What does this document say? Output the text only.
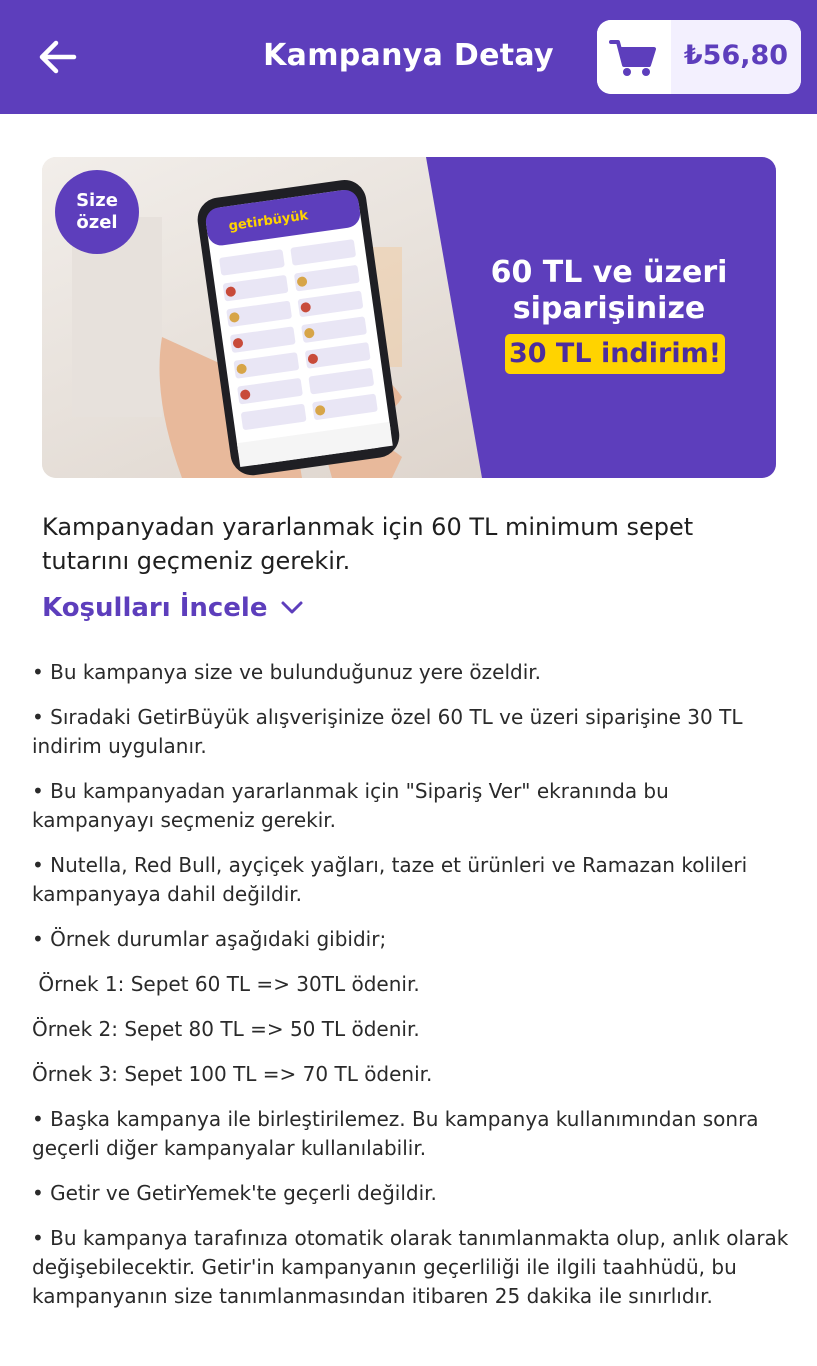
Kampanya Detay	₺56,80
getirbüyük
Size
özel
60 TL ve üzeri
siparişinize
30 TL indirim!
Kampanyadan yararlanmak için 60 TL minimum sepet tutarını geçmeniz gerekir.
Koşulları İncele

• Bu kampanya size ve bulunduğunuz yere özeldir.

• Sıradaki GetirBüyük alışverişinize özel 60 TL ve üzeri siparişine 30 TL indirim uygulanır.

• Bu kampanyadan yararlanmak için "Sipariş Ver" ekranında bu kampanyayı seçmeniz gerekir.

• Nutella, Red Bull, ayçiçek yağları, taze et ürünleri ve Ramazan kolileri kampanyaya dahil değildir.

• Örnek durumlar aşağıdaki gibidir;

Örnek 1: Sepet 60 TL => 30TL ödenir.

Örnek 2: Sepet 80 TL => 50 TL ödenir.

Örnek 3: Sepet 100 TL => 70 TL ödenir.

• Başka kampanya ile birleştirilemez. Bu kampanya kullanımından sonra geçerli diğer kampanyalar kullanılabilir.

• Getir ve GetirYemek'te geçerli değildir.

• Bu kampanya tarafınıza otomatik olarak tanımlanmakta olup, anlık olarak değişebilecektir. Getir'in kampanyanın geçerliliği ile ilgili taahhüdü, bu kampanyanın size tanımlanmasından itibaren 25 dakika ile sınırlıdır.
